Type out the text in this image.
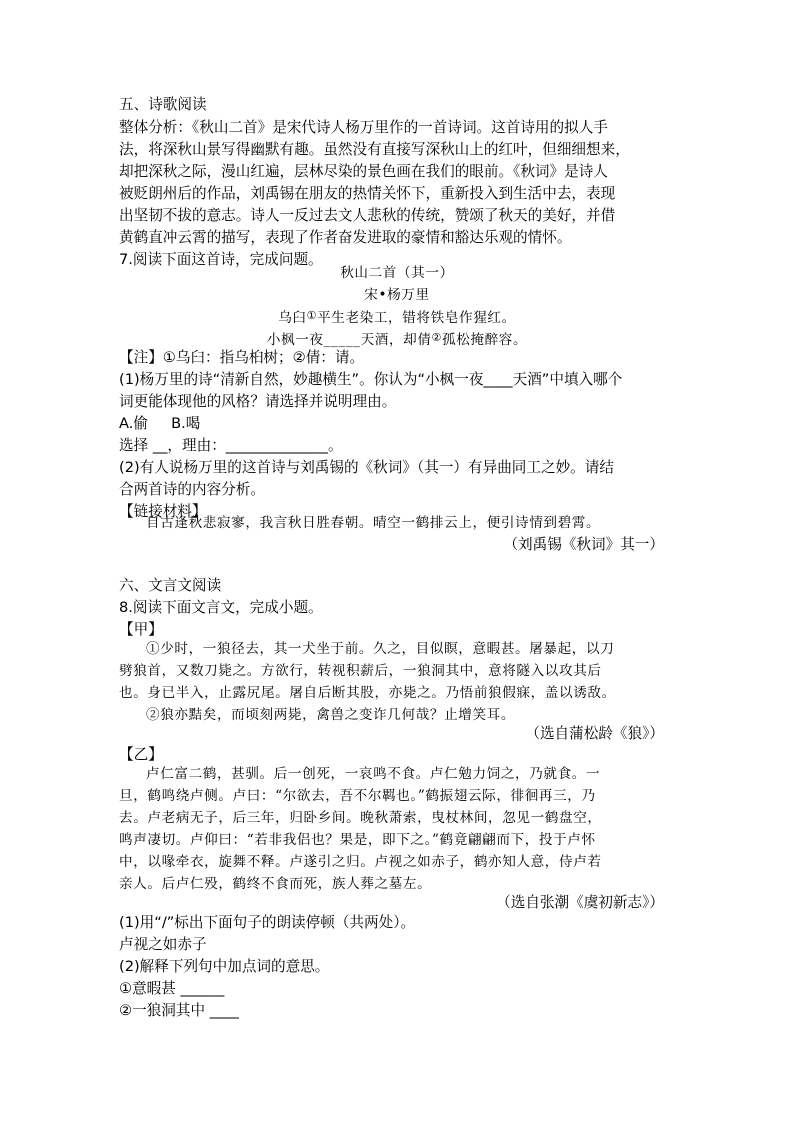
五、诗歌阅读
整体分析：《秋山二首》是宋代诗人杨万里作的一首诗词。这首诗用的拟人手
法，将深秋山景写得幽默有趣。虽然没有直接写深秋山上的红叶，但细细想来，
却把深秋之际，漫山红遍，层林尽染的景色画在我们的眼前。《秋词》是诗人
被贬朗州后的作品，刘禹锡在朋友的热情关怀下，重新投入到生活中去，表现
出坚韧不拔的意志。诗人一反过去文人悲秋的传统，赞颂了秋天的美好，并借
黄鹤直冲云霄的描写，表现了作者奋发进取的豪情和豁达乐观的情怀。
7.阅读下面这首诗，完成问题。
秋山二首（其一）
宋•杨万里
乌臼①平生老染工，错将铁皂作猩红。
小枫一夜_____天酒，却倩②孤松掩醉容。
【注】①乌臼：指乌桕树；②倩：请。
(1)杨万里的诗“清新自然，妙趣横生”。你认为“小枫一夜____天酒”中填入哪个
词更能体现他的风格？请选择并说明理由。
A.偷     B.喝
选择 __，理由：______________。
(2)有人说杨万里的这首诗与刘禹锡的《秋词》（其一）有异曲同工之妙。请结
合两首诗的内容分析。
【链接材料】
自古逢秋悲寂寥，我言秋日胜春朝。晴空一鹤排云上，便引诗情到碧霄。
（刘禹锡《秋词》其一）
六、文言文阅读
8.阅读下面文言文，完成小题。
【甲】
①少时，一狼径去，其一犬坐于前。久之，目似瞑，意暇甚。屠暴起，以刀
劈狼首，又数刀毙之。方欲行，转视积薪后，一狼洞其中，意将隧入以攻其后
也。身已半入，止露尻尾。屠自后断其股，亦毙之。乃悟前狼假寐，盖以诱敌。
②狼亦黠矣，而顷刻两毙，禽兽之变诈几何哉？止增笑耳。
（选自蒲松龄《狼》）
【乙】
卢仁富二鹤，甚驯。后一创死，一哀鸣不食。卢仁勉力饲之，乃就食。一
旦，鹤鸣绕卢侧。卢曰：“尔欲去，吾不尔羁也。”鹤振翅云际，徘徊再三，乃
去。卢老病无子，后三年，归卧乡间。晚秋萧索，曳杖林间，忽见一鹤盘空，
鸣声凄切。卢仰曰：“若非我侣也？果是，即下之。”鹤竟翩翩而下，投于卢怀
中，以喙牵衣，旋舞不释。卢遂引之归。卢视之如赤子，鹤亦知人意，侍卢若
亲人。后卢仁殁，鹤终不食而死，族人葬之墓左。
（选自张潮《虞初新志》）
(1)用“/”标出下面句子的朗读停顿（共两处）。
卢视之如赤子
(2)解释下列句中加点词的意思。
①意暇甚 ______
②一狼洞其中 ____
